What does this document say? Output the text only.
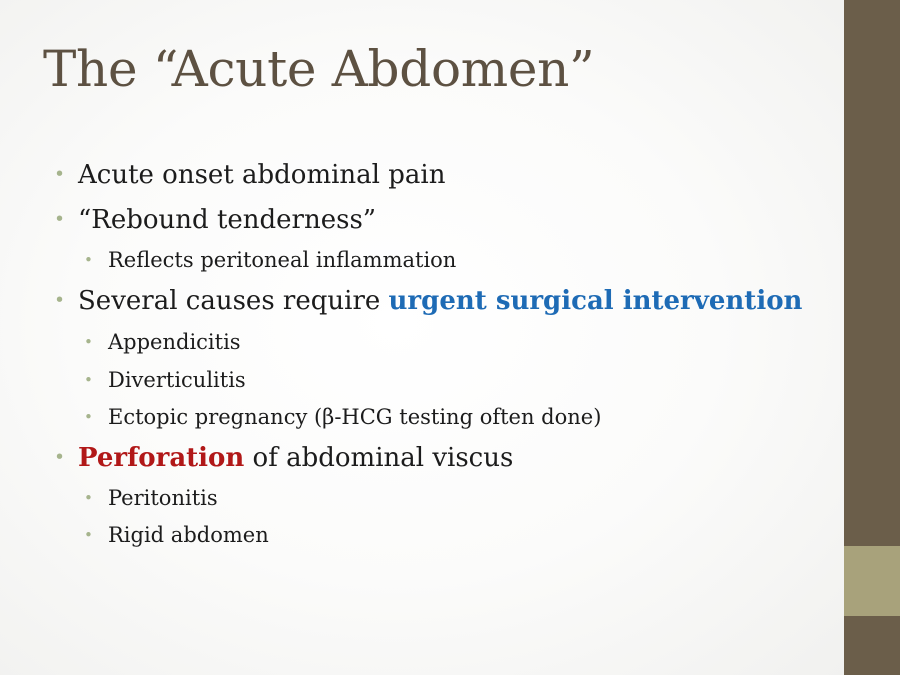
The “Acute Abdomen”
• Acute onset abdominal pain
• “Rebound tenderness”
• Reflects peritoneal inflammation
• Several causes require urgent surgical intervention
• Appendicitis
• Diverticulitis
• Ectopic pregnancy (β-HCG testing often done)
• Perforation of abdominal viscus
• Peritonitis
• Rigid abdomen
